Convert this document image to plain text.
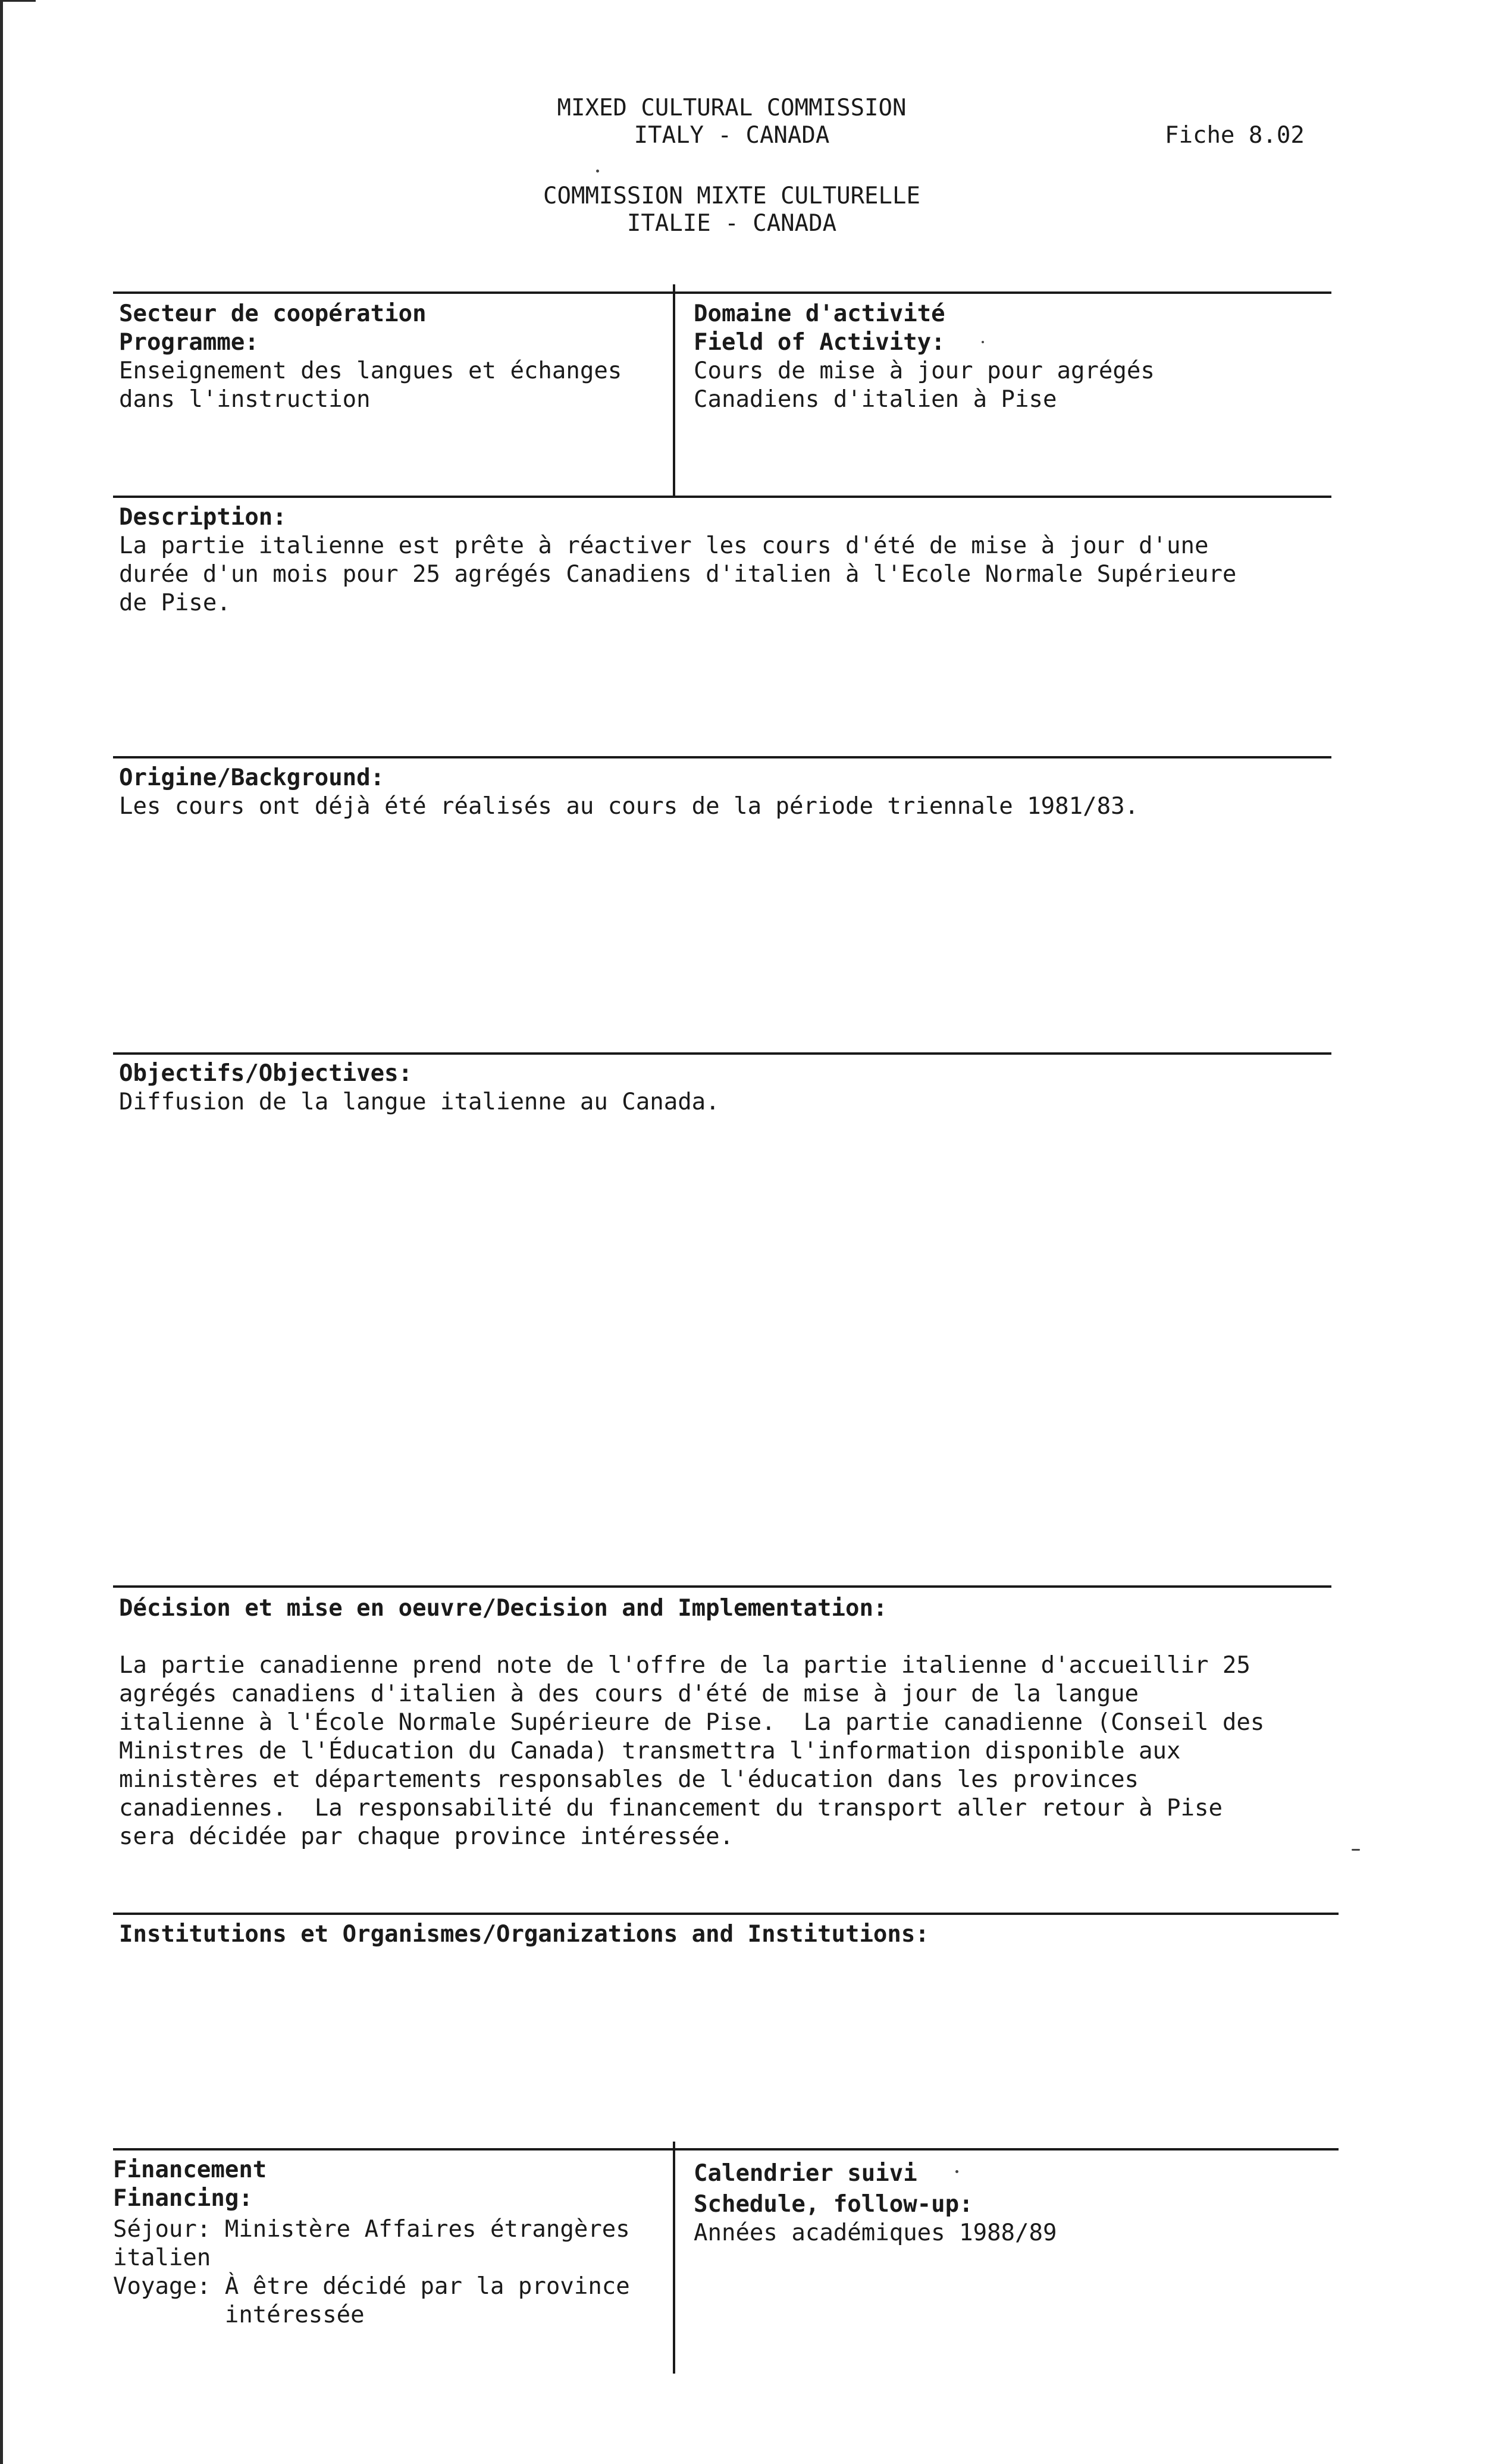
MIXED CULTURAL COMMISSION
ITALY - CANADA	Fiche 8.02
COMMISSION MIXTE CULTURELLE
ITALIE - CANADA
Secteur de coopération
Programme:
Enseignement des langues et échanges
dans l'instruction
Domaine d'activité
Field of Activity:
Cours de mise à jour pour agrégés
Canadiens d'italien à Pise
Description:
La partie italienne est prête à réactiver les cours d'été de mise à jour d'une
durée d'un mois pour 25 agrégés Canadiens d'italien à l'Ecole Normale Supérieure
de Pise.
Origine/Background:
Les cours ont déjà été réalisés au cours de la période triennale 1981/83.
Objectifs/Objectives:
Diffusion de la langue italienne au Canada.
Décision et mise en oeuvre/Decision and Implementation:
La partie canadienne prend note de l'offre de la partie italienne d'accueillir 25
agrégés canadiens d'italien à des cours d'été de mise à jour de la langue
italienne à l'École Normale Supérieure de Pise.  La partie canadienne (Conseil des
Ministres de l'Éducation du Canada) transmettra l'information disponible aux
ministères et départements responsables de l'éducation dans les provinces
canadiennes.  La responsabilité du financement du transport aller retour à Pise
sera décidée par chaque province intéressée.
Institutions et Organismes/Organizations and Institutions:
Financement
Financing:
Séjour: Ministère Affaires étrangères
italien
Voyage: À être décidé par la province
intéressée
Calendrier suivi
Schedule, follow-up:
Années académiques 1988/89
